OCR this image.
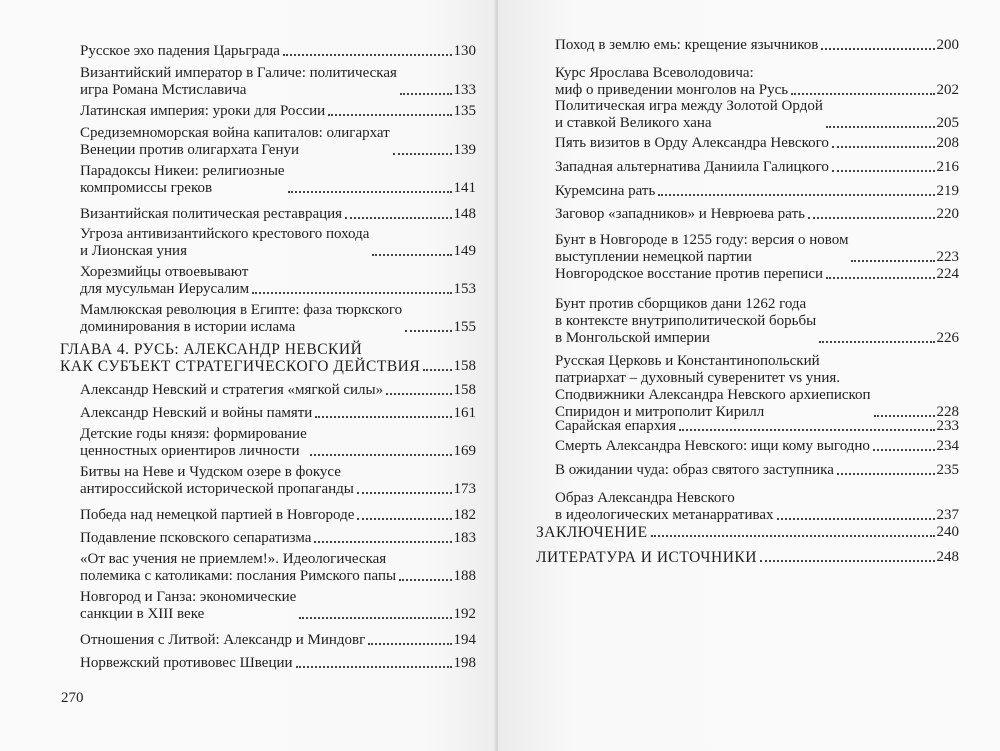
Русское эхо падения Царьграда	130
Византийский император в Галиче: политическая
игра Романа Мстиславича	133
Латинская империя: уроки для России	135
Средиземноморская война капиталов: олигархат
Венеции против олигархата Генуи	139
Парадоксы Никеи: религиозные
компромиссы греков	141
Византийская политическая реставрация	148
Угроза антивизантийского крестового похода
и Лионская уния	149
Хорезмийцы отвоевывают
для мусульман Иерусалим	153
Мамлюкская революция в Египте: фаза тюркского
доминирования в истории ислама	155
ГЛАВА 4. РУСЬ: АЛЕКСАНДР НЕВСКИЙ
КАК СУБЪЕКТ СТРАТЕГИЧЕСКОГО ДЕЙСТВИЯ 158
Александр Невский и стратегия «мягкой силы»	158
Александр Невский и войны памяти	161
Детские годы князя: формирование
ценностных ориентиров личности	169
Битвы на Неве и Чудском озере в фокусе
антироссийской исторической пропаганды	173
Победа над немецкой партией в Новгороде	182
Подавление псковского сепаратизма	183
«От вас учения не приемлем!». Идеологическая
полемика с католиками: послания Римского папы	188
Новгород и Ганза: экономические
санкции в XIII веке	192
Отношения с Литвой: Александр и Миндовг	194
Норвежский противовес Швеции	198
270
Поход в землю емь: крещение язычников	200
Курс Ярослава Всеволодовича:
миф о приведении монголов на Русь	202
Политическая игра между Золотой Ордой
и ставкой Великого хана	205
Пять визитов в Орду Александра Невского	208
Западная альтернатива Даниила Галицкого	216
Куремсина рать	219
Заговор «западников» и Неврюева рать	220
Бунт в Новгороде в 1255 году: версия о новом
выступлении немецкой партии	223
Новгородское восстание против переписи	224
Бунт против сборщиков дани 1262 года
в контексте внутриполитической борьбы
в Монгольской империи	226
Русская Церковь и Константинопольский
патриархат – духовный суверенитет vs уния.
Сподвижники Александра Невского архиепископ
Спиридон и митрополит Кирилл	228
Сарайская епархия	233
Смерть Александра Невского: ищи кому выгодно	234
В ожидании чуда: образ святого заступника	235
Образ Александра Невского
в идеологических метанарративах	237
ЗАКЛЮЧЕНИЕ	240
ЛИТЕРАТУРА И ИСТОЧНИКИ	248
